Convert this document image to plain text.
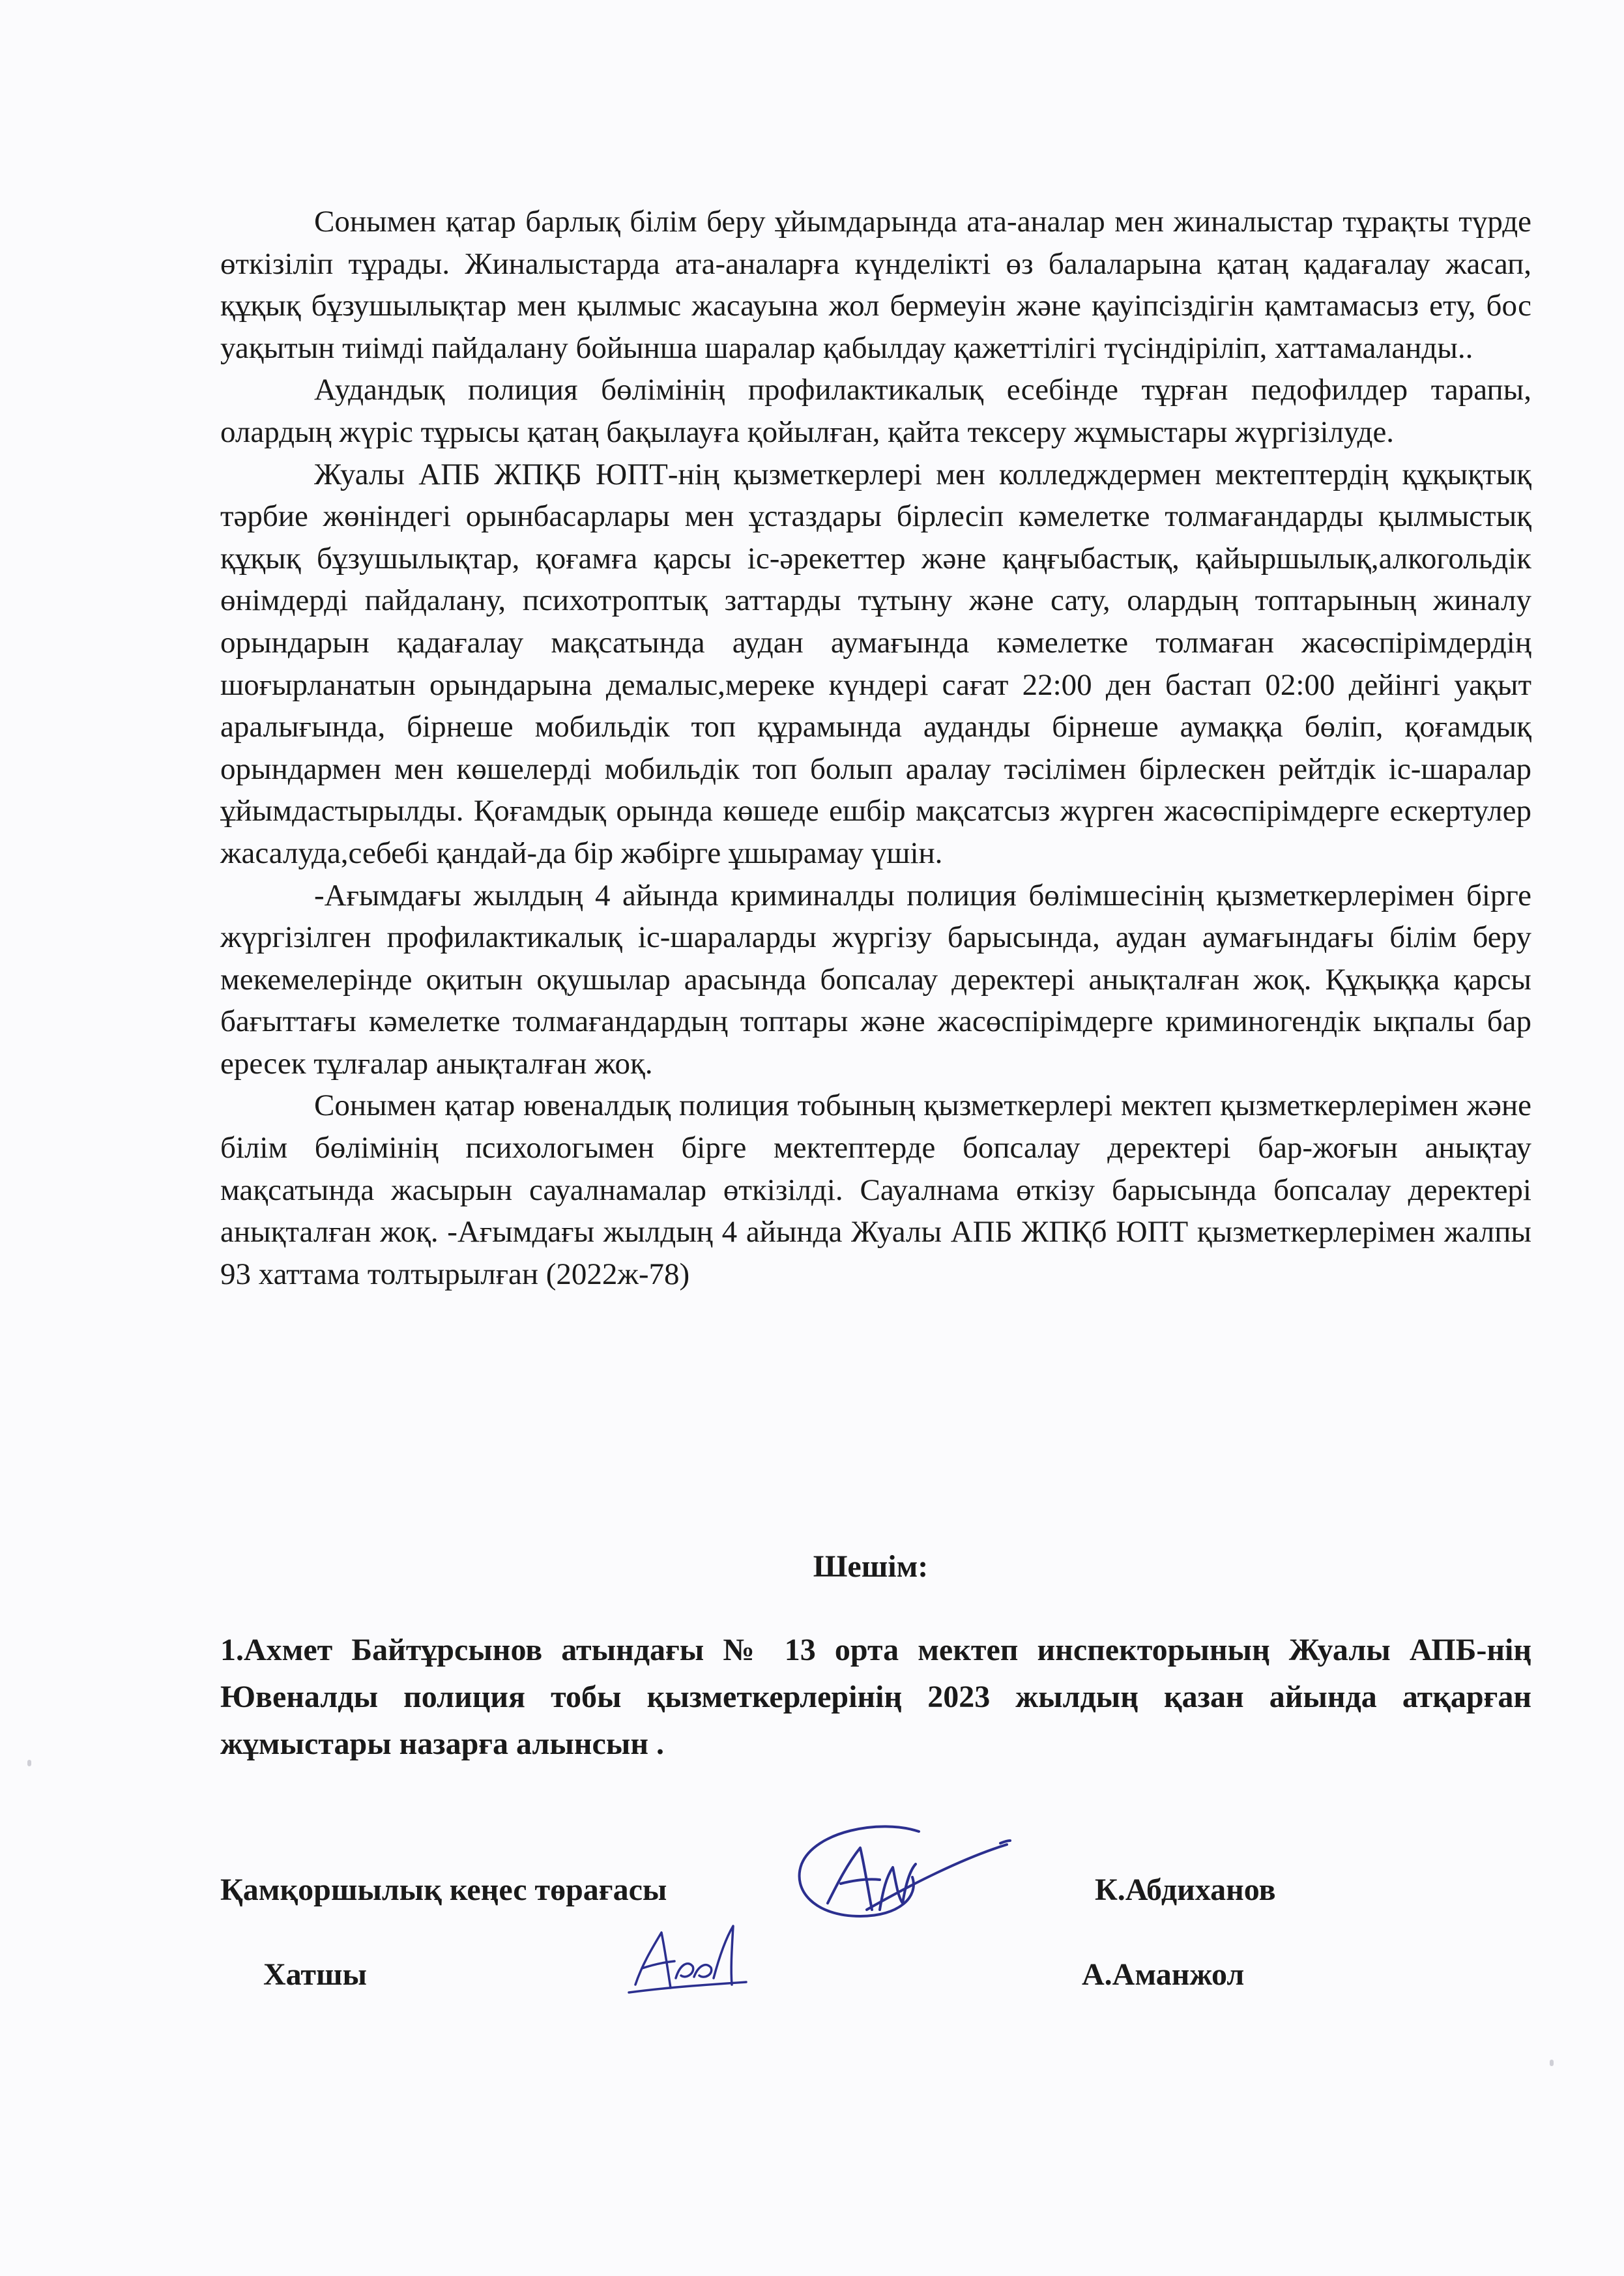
Сонымен қатар барлық білім беру ұйымдарында ата-аналар мен жиналыстар тұрақты түрде өткізіліп тұрады. Жиналыстарда ата-аналарға күнделікті өз балаларына қатаң қадағалау жасап, құқық бұзушылықтар мен қылмыс жасауына жол бермеуін және қауіпсіздігін қамтамасыз ету, бос уақытын тиімді пайдалану бойынша шаралар қабылдау қажеттілігі түсіндіріліп, хаттамаланды..

Аудандық полиция бөлімінің профилактикалық есебінде тұрған педофилдер тарапы, олардың жүріс тұрысы қатаң бақылауға қойылған, қайта тексеру жұмыстары жүргізілуде.

Жуалы АПБ ЖПҚБ ЮПТ-нің қызметкерлері мен колледждермен мектептердің құқықтық тәрбие жөніндегі орынбасарлары мен ұстаздары бірлесіп кәмелетке толмағандарды қылмыстық құқық бұзушылықтар, қоғамға қарсы іс-әрекеттер және қаңғыбастық, қайыршылық,алкогольдік өнімдерді пайдалану, психотроптық заттарды тұтыну және сату, олардың топтарының жиналу орындарын қадағалау мақсатында аудан аумағында кәмелетке толмаған жасөспірімдердің шоғырланатын орындарына демалыс,мереке күндері сағат 22:00 ден бастап 02:00 дейінгі уақыт аралығында, бірнеше мобильдік топ құрамында ауданды бірнеше аумаққа бөліп, қоғамдық орындармен мен көшелерді мобильдік топ болып аралау тәсілімен бірлескен рейтдік іс-шаралар ұйымдастырылды. Қоғамдық орында көшеде ешбір мақсатсыз жүрген жасөспірімдерге ескертулер жасалуда,себебі қандай-да бір жәбірге ұшырамау үшін.

-Ағымдағы жылдың 4 айында криминалды полиция бөлімшесінің қызметкерлерімен бірге жүргізілген профилактикалық іс-шараларды жүргізу барысында, аудан аумағындағы білім беру мекемелерінде оқитын оқушылар арасында бопсалау деректері анықталған жоқ. Құқыққа қарсы бағыттағы кәмелетке толмағандардың топтары және жасөспірімдерге криминогендік ықпалы бар ересек тұлғалар анықталған жоқ.

Сонымен қатар ювеналдық полиция тобының қызметкерлері мектеп қызметкерлерімен және білім бөлімінің психологымен бірге мектептерде бопсалау деректері бар-жоғын анықтау мақсатында жасырын сауалнамалар өткізілді. Сауалнама өткізу барысында бопсалау деректері анықталған жоқ. -Ағымдағы жылдың 4 айында Жуалы АПБ ЖПҚб ЮПТ қызметкерлерімен жалпы 93 хаттама толтырылған (2022ж-78)

Шешім:
1.Ахмет Байтұрсынов атындағы № 13 орта мектеп инспекторының Жуалы АПБ-нің Ювеналды полиция тобы қызметкерлерінің 2023 жылдың қазан айында атқарған жұмыстары назарға алынсын .
Қамқоршылық кеңес төрағасы	К.Абдиханов
Хатшы	А.Аманжол
